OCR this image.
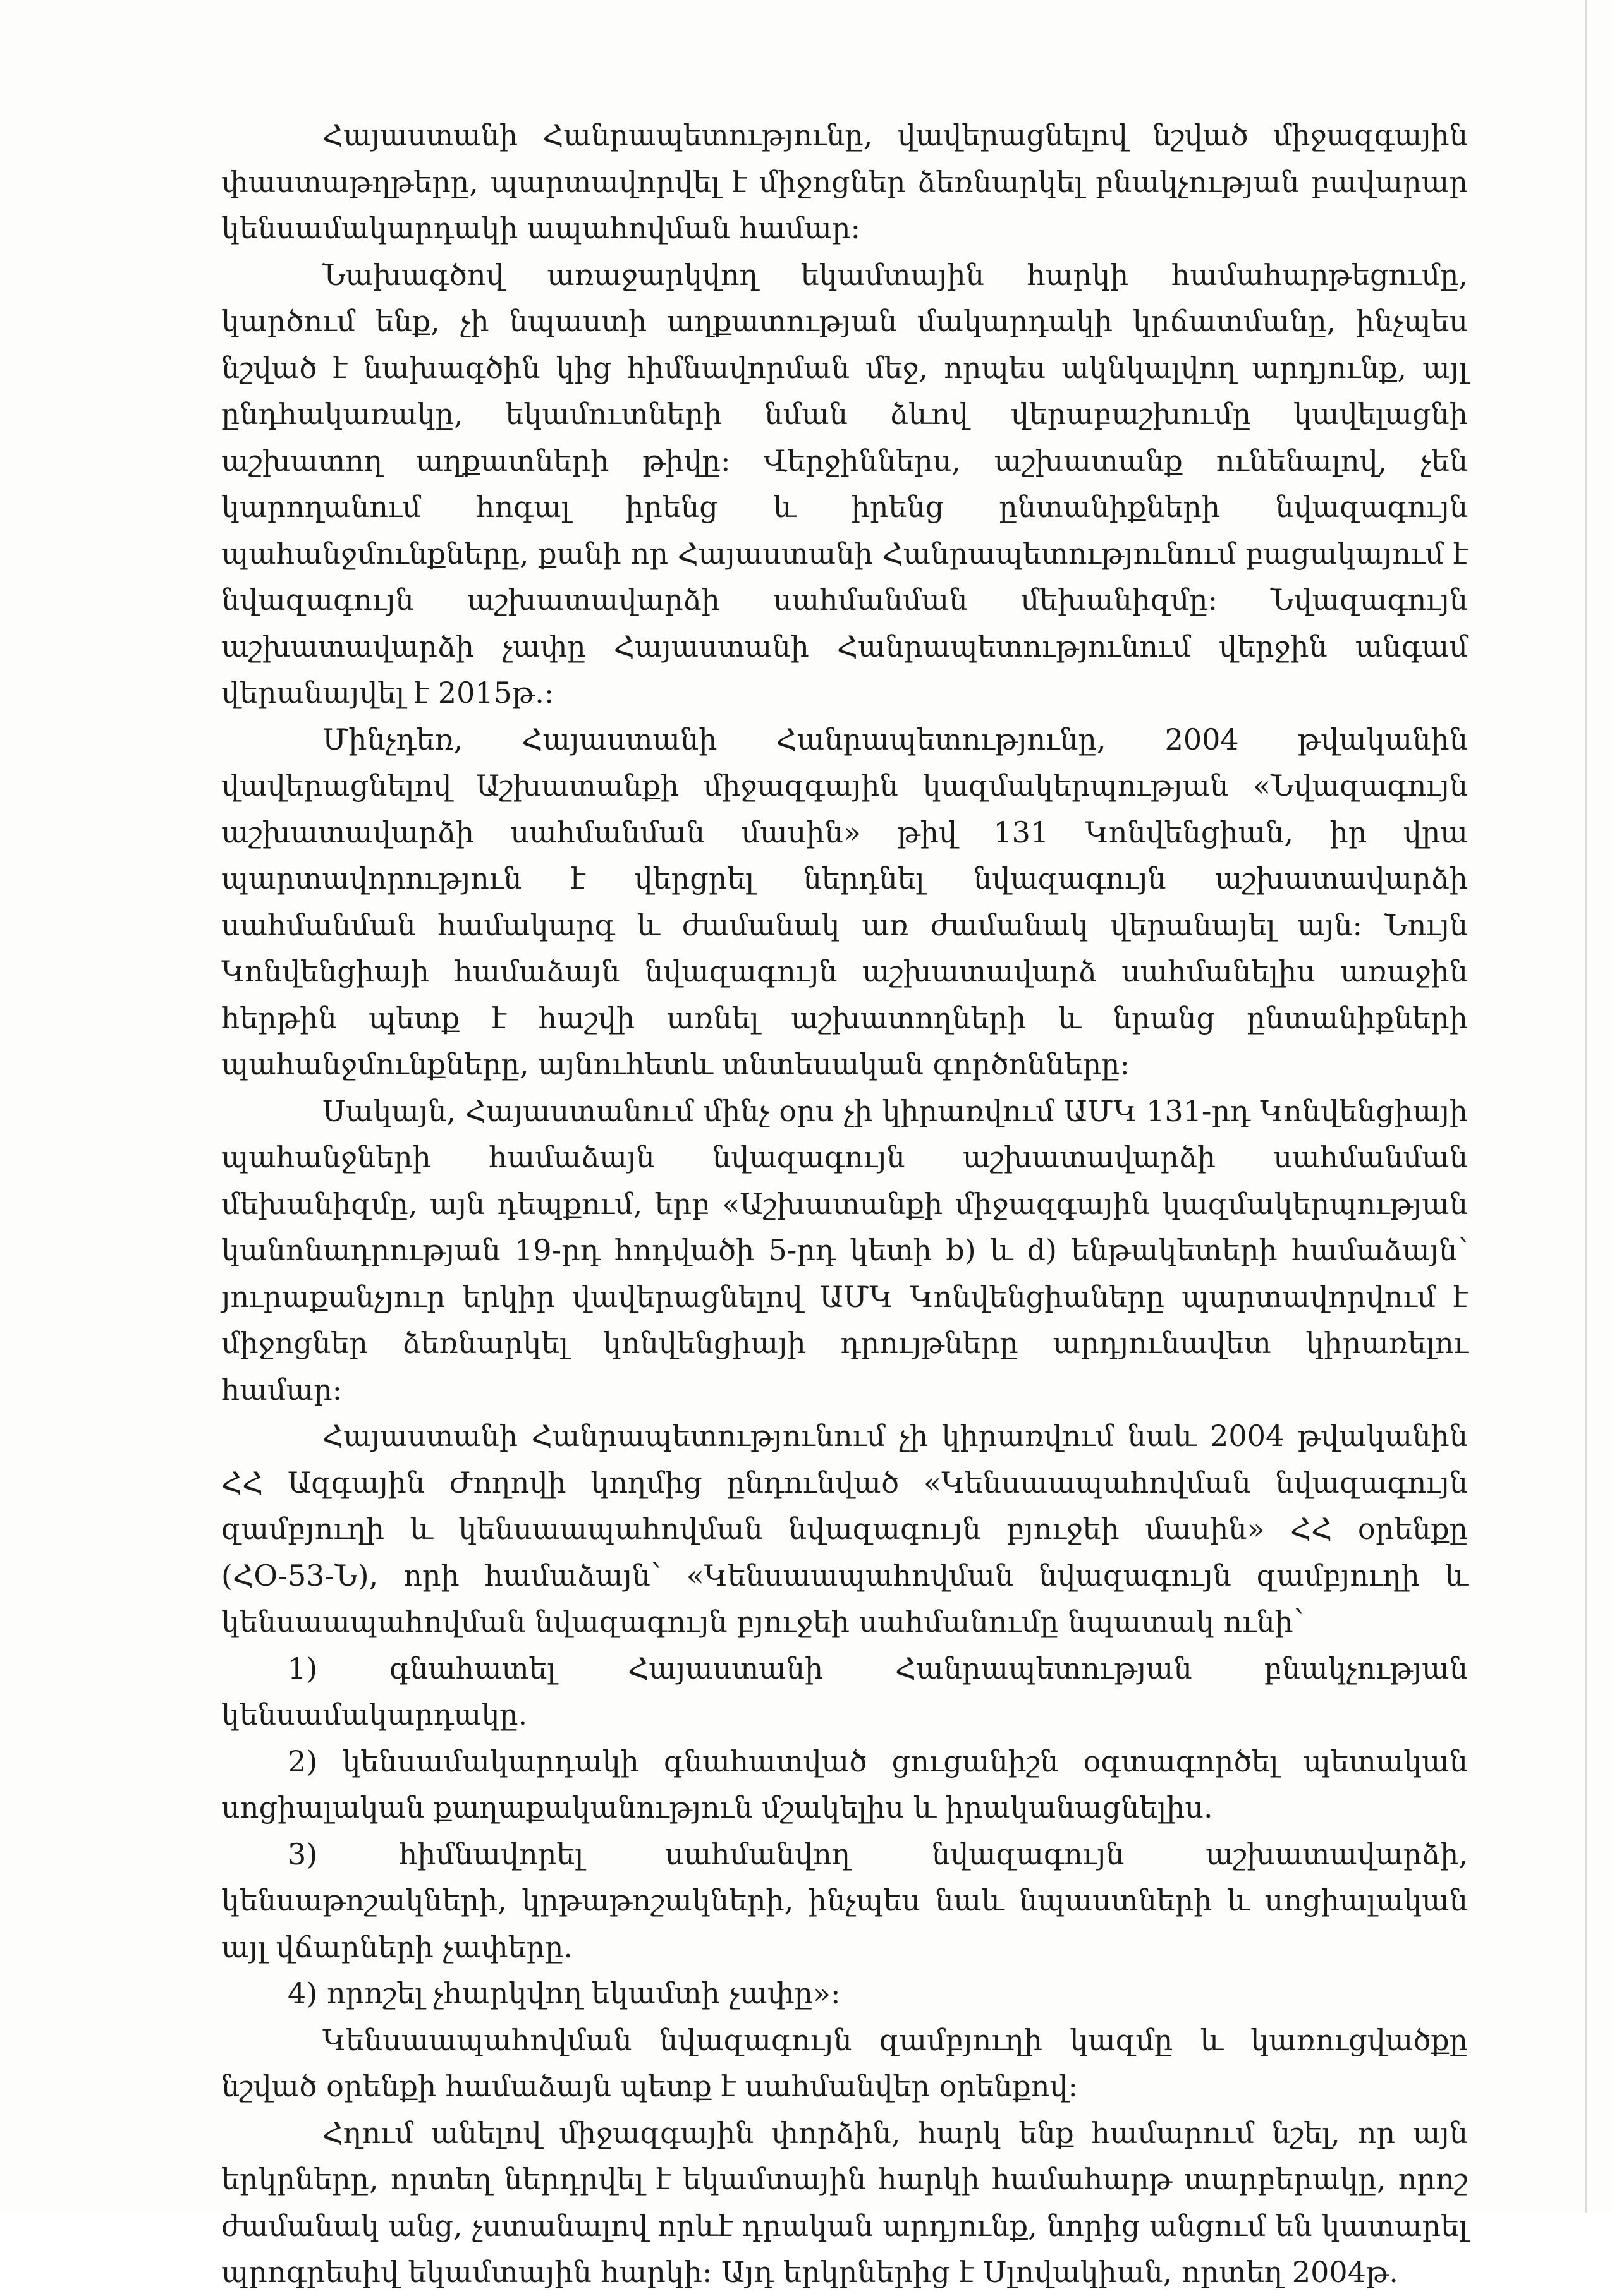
Հայաստանի Հանրապետությունը, վավերացնելով նշված միջազգային փաստաթղթերը, պարտավորվել է միջոցներ ձեռնարկել բնակչության բավարար կենսամակարդակի ապահովման համար:

Նախագծով առաջարկվող եկամտային հարկի համահարթեցումը, կարծում ենք, չի նպաստի աղքատության մակարդակի կրճատմանը, ինչպես նշված է նախագծին կից հիմնավորման մեջ, որպես ակնկալվող արդյունք, այլ ընդհակառակը, եկամուտների նման ձևով վերաբաշխումը կավելացնի աշխատող աղքատների թիվը: Վերջիններս, աշխատանք ունենալով, չեն կարողանում հոգալ իրենց և իրենց ընտանիքների նվազագույն պահանջմունքները, քանի որ Հայաստանի Հանրապետությունում բացակայում է նվազագույն աշխատավարձի սահմանման մեխանիզմը: Նվազագույն աշխատավարձի չափը Հայաստանի Հանրապետությունում վերջին անգամ վերանայվել է 2015թ.:

Մինչդեռ, Հայաստանի Հանրապետությունը, 2004 թվականին վավերացնելով Աշխատանքի միջազգային կազմակերպության «Նվազագույն աշխատավարձի սահմանման մասին» թիվ 131 Կոնվենցիան, իր վրա պարտավորություն է վերցրել ներդնել նվազագույն աշխատավարձի սահմանման համակարգ և ժամանակ առ ժամանակ վերանայել այն: Նույն Կոնվենցիայի համաձայն նվազագույն աշխատավարձ սահմանելիս առաջին հերթին պետք է հաշվի առնել աշխատողների և նրանց ընտանիքների պահանջմունքները, այնուհետև տնտեսական գործոնները:

Սակայն, Հայաստանում մինչ օրս չի կիրառվում ԱՄԿ 131-րդ Կոնվենցիայի պահանջների համաձայն նվազագույն աշխատավարձի սահմանման մեխանիզմը, այն դեպքում, երբ «Աշխատանքի միջազգային կազմակերպության կանոնադրության 19-րդ հոդվածի 5-րդ կետի b) և d) ենթակետերի համաձայն՝ յուրաքանչյուր երկիր վավերացնելով ԱՄԿ Կոնվենցիաները պարտավորվում է միջոցներ ձեռնարկել կոնվենցիայի դրույթները արդյունավետ կիրառելու համար:

Հայաստանի Հանրապետությունում չի կիրառվում նաև 2004 թվականին ՀՀ Ազգային Ժողովի կողմից ընդունված «Կենսաապահովման նվազագույն զամբյուղի և կենսաապահովման նվազագույն բյուջեի մասին» ՀՀ օրենքը (ՀՕ-53-Ն), որի համաձայն՝ «Կենսաապահովման նվազագույն զամբյուղի և կենսաապահովման նվազագույն բյուջեի սահմանումը նպատակ ունի՝

1) գնահատել Հայաստանի Հանրապետության բնակչության կենսամակարդակը.

2) կենսամակարդակի գնահատված ցուցանիշն օգտագործել պետական սոցիալական քաղաքականություն մշակելիս և իրականացնելիս.

3) հիմնավորել սահմանվող նվազագույն աշխատավարձի, կենսաթոշակների, կրթաթոշակների, ինչպես նաև նպաստների և սոցիալական այլ վճարների չափերը.

4) որոշել չհարկվող եկամտի չափը»:

Կենսաապահովման նվազագույն զամբյուղի կազմը և կառուցվածքը նշված օրենքի համաձայն պետք է սահմանվեր օրենքով:

Հղում անելով միջազգային փորձին, հարկ ենք համարում նշել, որ այն երկրները, որտեղ ներդրվել է եկամտային հարկի համահարթ տարբերակը, որոշ ժամանակ անց, չստանալով որևէ դրական արդյունք, նորից անցում են կատարել պրոգրեսիվ եկամտային հարկի: Այդ երկրներից է Սլովակիան, որտեղ 2004թ.
